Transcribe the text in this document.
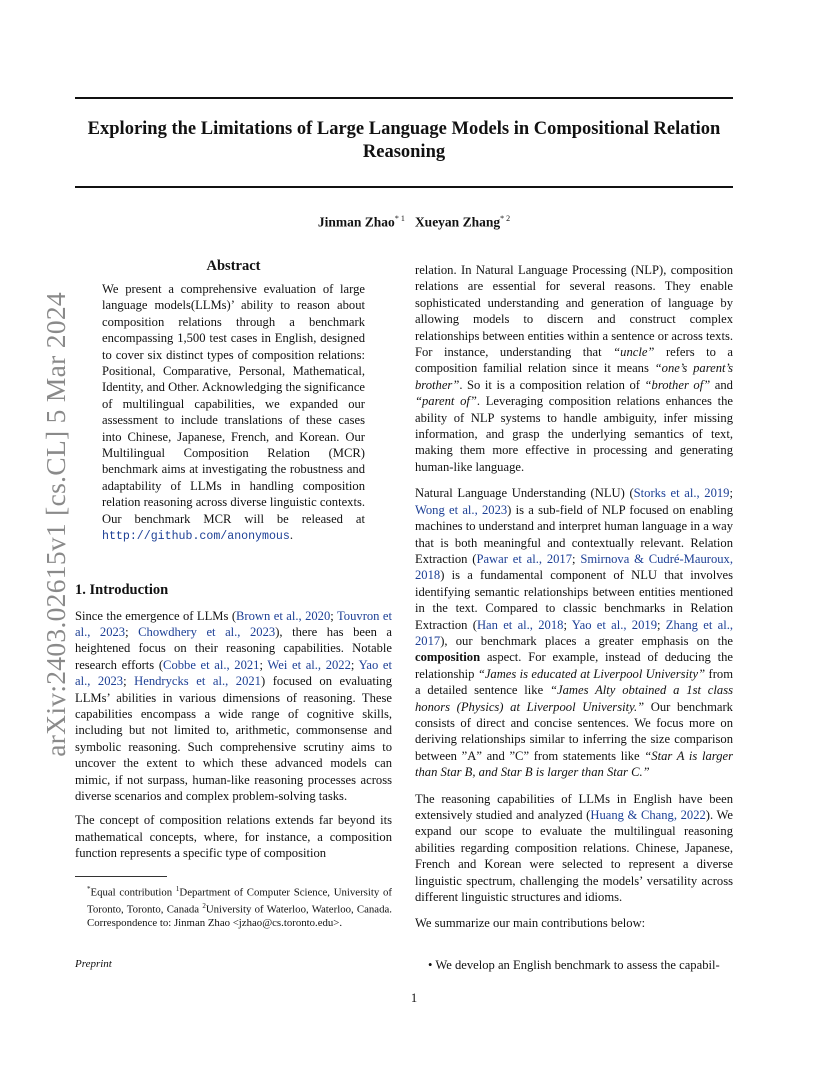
Exploring the Limitations of Large Language Models in Compositional Relation Reasoning
Jinman Zhao$^{* 1}$ Xueyan Zhang$^{* 2}$
arXiv:2403.02615v1 [cs.CL] 5 Mar 2024
Abstract
We present a comprehensive evaluation of large language models(LLMs)’ ability to reason about composition relations through a benchmark encompassing 1,500 test cases in English, designed to cover six distinct types of composition relations: Positional, Comparative, Personal, Mathematical, Identity, and Other. Acknowledging the significance of multilingual capabilities, we expanded our assessment to include translations of these cases into Chinese, Japanese, French, and Korean. Our Multilingual Composition Relation (MCR) benchmark aims at investigating the robustness and adaptability of LLMs in handling composition relation reasoning across diverse linguistic contexts. Our benchmark MCR will be released at http://github.com/anonymous.
1. Introduction

Since the emergence of LLMs (Brown et al., 2020; Touvron et al., 2023; Chowdhery et al., 2023), there has been a heightened focus on their reasoning capabilities. Notable research efforts (Cobbe et al., 2021; Wei et al., 2022; Yao et al., 2023; Hendrycks et al., 2021) focused on evaluating LLMs’ abilities in various dimensions of reasoning. These capabilities encompass a wide range of cognitive skills, including but not limited to, arithmetic, commonsense and symbolic reasoning. Such comprehensive scrutiny aims to uncover the extent to which these advanced models can mimic, if not surpass, human-like reasoning processes across diverse scenarios and complex problem-solving tasks.

The concept of composition relations extends far beyond its mathematical concepts, where, for instance, a composition function represents a specific type of composition

*Equal contribution $^1$Department of Computer Science, University of Toronto, Toronto, Canada $^2$University of Waterloo, Waterloo, Canada. Correspondence to: Jinman Zhao <jzhao@cs.toronto.edu>.
Preprint

relation. In Natural Language Processing (NLP), composition relations are essential for several reasons. They enable sophisticated understanding and generation of language by allowing models to discern and construct complex relationships between entities within a sentence or across texts. For instance, understanding that “uncle” refers to a composition familial relation since it means “one’s parent’s brother”. So it is a composition relation of “brother of” and “parent of”. Leveraging composition relations enhances the ability of NLP systems to handle ambiguity, infer missing information, and grasp the underlying semantics of text, making them more effective in processing and generating human-like language.

Natural Language Understanding (NLU) (Storks et al., 2019; Wong et al., 2023) is a sub-field of NLP focused on enabling machines to understand and interpret human language in a way that is both meaningful and contextually relevant. Relation Extraction (Pawar et al., 2017; Smirnova & Cudré-Mauroux, 2018) is a fundamental component of NLU that involves identifying semantic relationships between entities mentioned in the text. Compared to classic benchmarks in Relation Extraction (Han et al., 2018; Yao et al., 2019; Zhang et al., 2017), our benchmark places a greater emphasis on the composition aspect. For example, instead of deducing the relationship “James is educated at Liverpool University” from a detailed sentence like “James Alty obtained a 1st class honors (Physics) at Liverpool University.” Our benchmark consists of direct and concise sentences. We focus more on deriving relationships similar to inferring the size comparison between ”A” and ”C” from statements like “Star A is larger than Star B, and Star B is larger than Star C.”

The reasoning capabilities of LLMs in English have been extensively studied and analyzed (Huang & Chang, 2022). We expand our scope to evaluate the multilingual reasoning abilities regarding composition relations. Chinese, Japanese, French and Korean were selected to represent a diverse linguistic spectrum, challenging the models’ versatility across different linguistic structures and idioms.

We summarize our main contributions below:

• We develop an English benchmark to assess the capabil-
1
